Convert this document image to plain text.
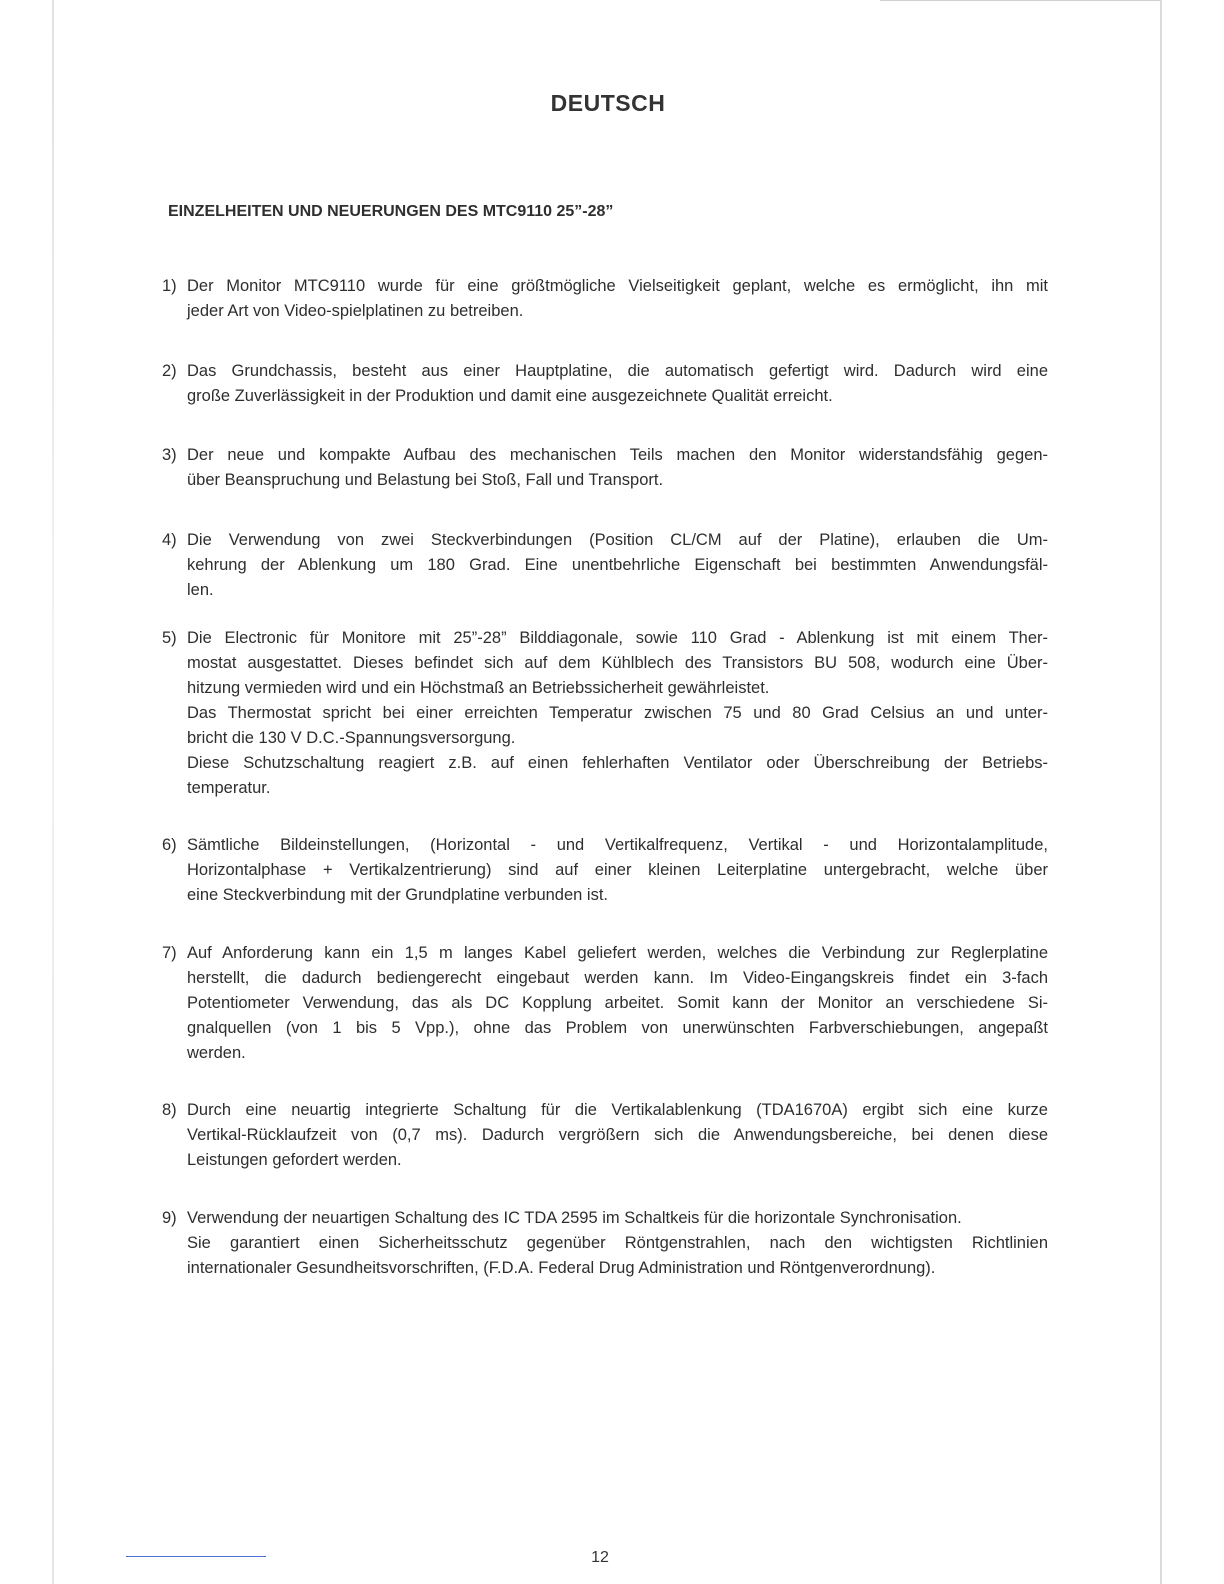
DEUTSCH
EINZELHEITEN UND NEUERUNGEN DES MTC9110 25”-28”
1) Der Monitor MTC9110 wurde für eine größtmögliche Vielseitigkeit geplant, welche es ermöglicht, ihn mit
jeder Art von Video-spielplatinen zu betreiben.
2) Das Grundchassis, besteht aus einer Hauptplatine, die automatisch gefertigt wird. Dadurch wird eine
große Zuverlässigkeit in der Produktion und damit eine ausgezeichnete Qualität erreicht.
3) Der neue und kompakte Aufbau des mechanischen Teils machen den Monitor widerstandsfähig gegen-
über Beanspruchung und Belastung bei Stoß, Fall und Transport.
4) Die Verwendung von zwei Steckverbindungen (Position CL/CM auf der Platine), erlauben die Um-
kehrung der Ablenkung um 180 Grad. Eine unentbehrliche Eigenschaft bei bestimmten Anwendungsfäl-
len.
5) Die Electronic für Monitore mit 25”-28” Bilddiagonale, sowie 110 Grad - Ablenkung ist mit einem Ther-
mostat ausgestattet. Dieses befindet sich auf dem Kühlblech des Transistors BU 508, wodurch eine Über-
hitzung vermieden wird und ein Höchstmaß an Betriebssicherheit gewährleistet.
Das Thermostat spricht bei einer erreichten Temperatur zwischen 75 und 80 Grad Celsius an und unter-
bricht die 130 V D.C.-Spannungsversorgung.
Diese Schutzschaltung reagiert z.B. auf einen fehlerhaften Ventilator oder Überschreibung der Betriebs-
temperatur.
6) Sämtliche Bildeinstellungen, (Horizontal - und Vertikalfrequenz, Vertikal - und Horizontalamplitude,
Horizontalphase + Vertikalzentrierung) sind auf einer kleinen Leiterplatine untergebracht, welche über
eine Steckverbindung mit der Grundplatine verbunden ist.
7) Auf Anforderung kann ein 1,5 m langes Kabel geliefert werden, welches die Verbindung zur Reglerplatine
herstellt, die dadurch bediengerecht eingebaut werden kann. Im Video-Eingangskreis findet ein 3-fach
Potentiometer Verwendung, das als DC Kopplung arbeitet. Somit kann der Monitor an verschiedene Si-
gnalquellen (von 1 bis 5 Vpp.), ohne das Problem von unerwünschten Farbverschiebungen, angepaßt
werden.
8) Durch eine neuartig integrierte Schaltung für die Vertikalablenkung (TDA1670A) ergibt sich eine kurze
Vertikal-Rücklaufzeit von (0,7 ms). Dadurch vergrößern sich die Anwendungsbereiche, bei denen diese
Leistungen gefordert werden.
9) Verwendung der neuartigen Schaltung des IC TDA 2595 im Schaltkeis für die horizontale Synchronisation.
Sie garantiert einen Sicherheitsschutz gegenüber Röntgenstrahlen, nach den wichtigsten Richtlinien
internationaler Gesundheitsvorschriften, (F.D.A. Federal Drug Administration und Röntgenverordnung).
12
